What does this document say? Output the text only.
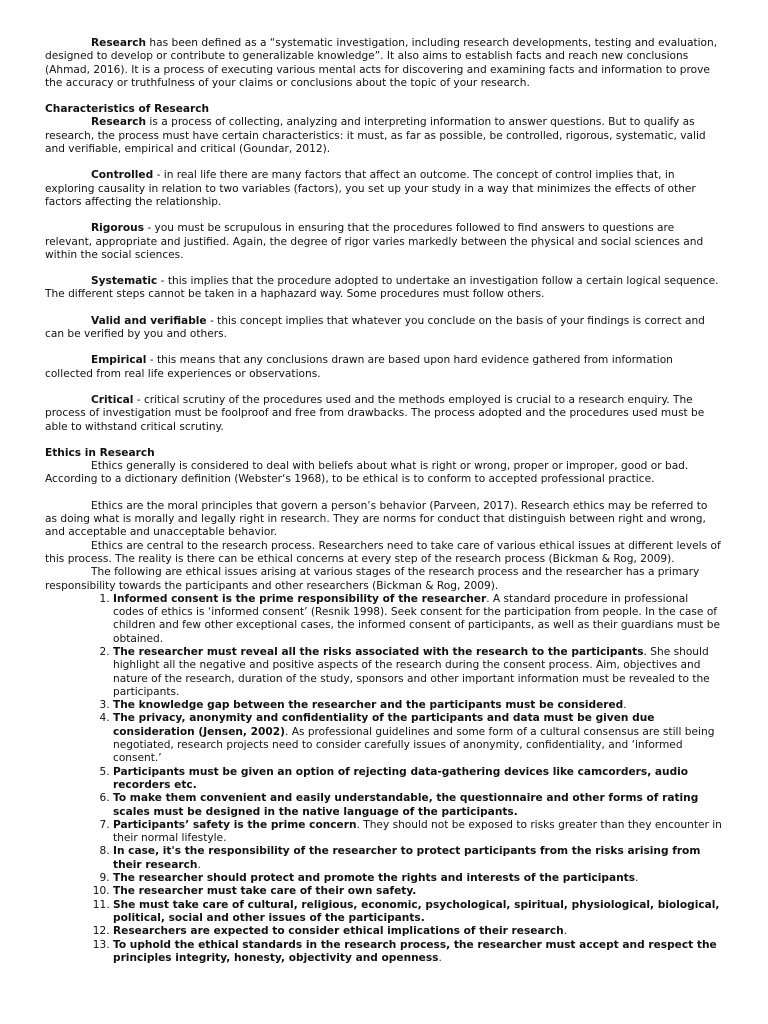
Research has been defined as a “systematic investigation, including research developments, testing and evaluation, designed to develop or contribute to generalizable knowledge”. It also aims to establish facts and reach new conclusions (Ahmad, 2016). It is a process of executing various mental acts for discovering and examining facts and information to prove the accuracy or truthfulness of your claims or conclusions about the topic of your research.

Characteristics of Research

Research is a process of collecting, analyzing and interpreting information to answer questions. But to qualify as research, the process must have certain characteristics: it must, as far as possible, be controlled, rigorous, systematic, valid and verifiable, empirical and critical (Goundar, 2012).

Controlled - in real life there are many factors that affect an outcome. The concept of control implies that, in exploring causality in relation to two variables (factors), you set up your study in a way that minimizes the effects of other factors affecting the relationship.

Rigorous - you must be scrupulous in ensuring that the procedures followed to find answers to questions are relevant, appropriate and justified. Again, the degree of rigor varies markedly between the physical and social sciences and within the social sciences.

Systematic - this implies that the procedure adopted to undertake an investigation follow a certain logical sequence. The different steps cannot be taken in a haphazard way. Some procedures must follow others.

Valid and verifiable - this concept implies that whatever you conclude on the basis of your findings is correct and can be verified by you and others.

Empirical - this means that any conclusions drawn are based upon hard evidence gathered from information collected from real life experiences or observations.

Critical - critical scrutiny of the procedures used and the methods employed is crucial to a research enquiry. The process of investigation must be foolproof and free from drawbacks. The process adopted and the procedures used must be able to withstand critical scrutiny.

Ethics in Research

Ethics generally is considered to deal with beliefs about what is right or wrong, proper or improper, good or bad. According to a dictionary definition (Webster‘s 1968), to be ethical is to conform to accepted professional practice.

Ethics are the moral principles that govern a person’s behavior (Parveen, 2017). Research ethics may be referred to as doing what is morally and legally right in research. They are norms for conduct that distinguish between right and wrong, and acceptable and unacceptable behavior.

Ethics are central to the research process. Researchers need to take care of various ethical issues at different levels of this process. The reality is there can be ethical concerns at every step of the research process (Bickman & Rog, 2009).

The following are ethical issues arising at various stages of the research process and the researcher has a primary responsibility towards the participants and other researchers (Bickman & Rog, 2009).

1. Informed consent is the prime responsibility of the researcher. A standard procedure in professional codes of ethics is ‘informed consent’ (Resnik 1998). Seek consent for the participation from people. In the case of children and few other exceptional cases, the informed consent of participants, as well as their guardians must be obtained.
2. The researcher must reveal all the risks associated with the research to the participants. She should highlight all the negative and positive aspects of the research during the consent process. Aim, objectives and nature of the research, duration of the study, sponsors and other important information must be revealed to the participants.
3. The knowledge gap between the researcher and the participants must be considered.
4. The privacy, anonymity and confidentiality of the participants and data must be given due consideration (Jensen, 2002). As professional guidelines and some form of a cultural consensus are still being negotiated, research projects need to consider carefully issues of anonymity, confidentiality, and ‘informed consent.’
5. Participants must be given an option of rejecting data-gathering devices like camcorders, audio recorders etc.
6. To make them convenient and easily understandable, the questionnaire and other forms of rating scales must be designed in the native language of the participants.
7. Participants’ safety is the prime concern. They should not be exposed to risks greater than they encounter in their normal lifestyle.
8. In case, it's the responsibility of the researcher to protect participants from the risks arising from their research.
9. The researcher should protect and promote the rights and interests of the participants.
10. The researcher must take care of their own safety.
11. She must take care of cultural, religious, economic, psychological, spiritual, physiological, biological, political, social and other issues of the participants.
12. Researchers are expected to consider ethical implications of their research.
13. To uphold the ethical standards in the research process, the researcher must accept and respect the principles integrity, honesty, objectivity and openness.
